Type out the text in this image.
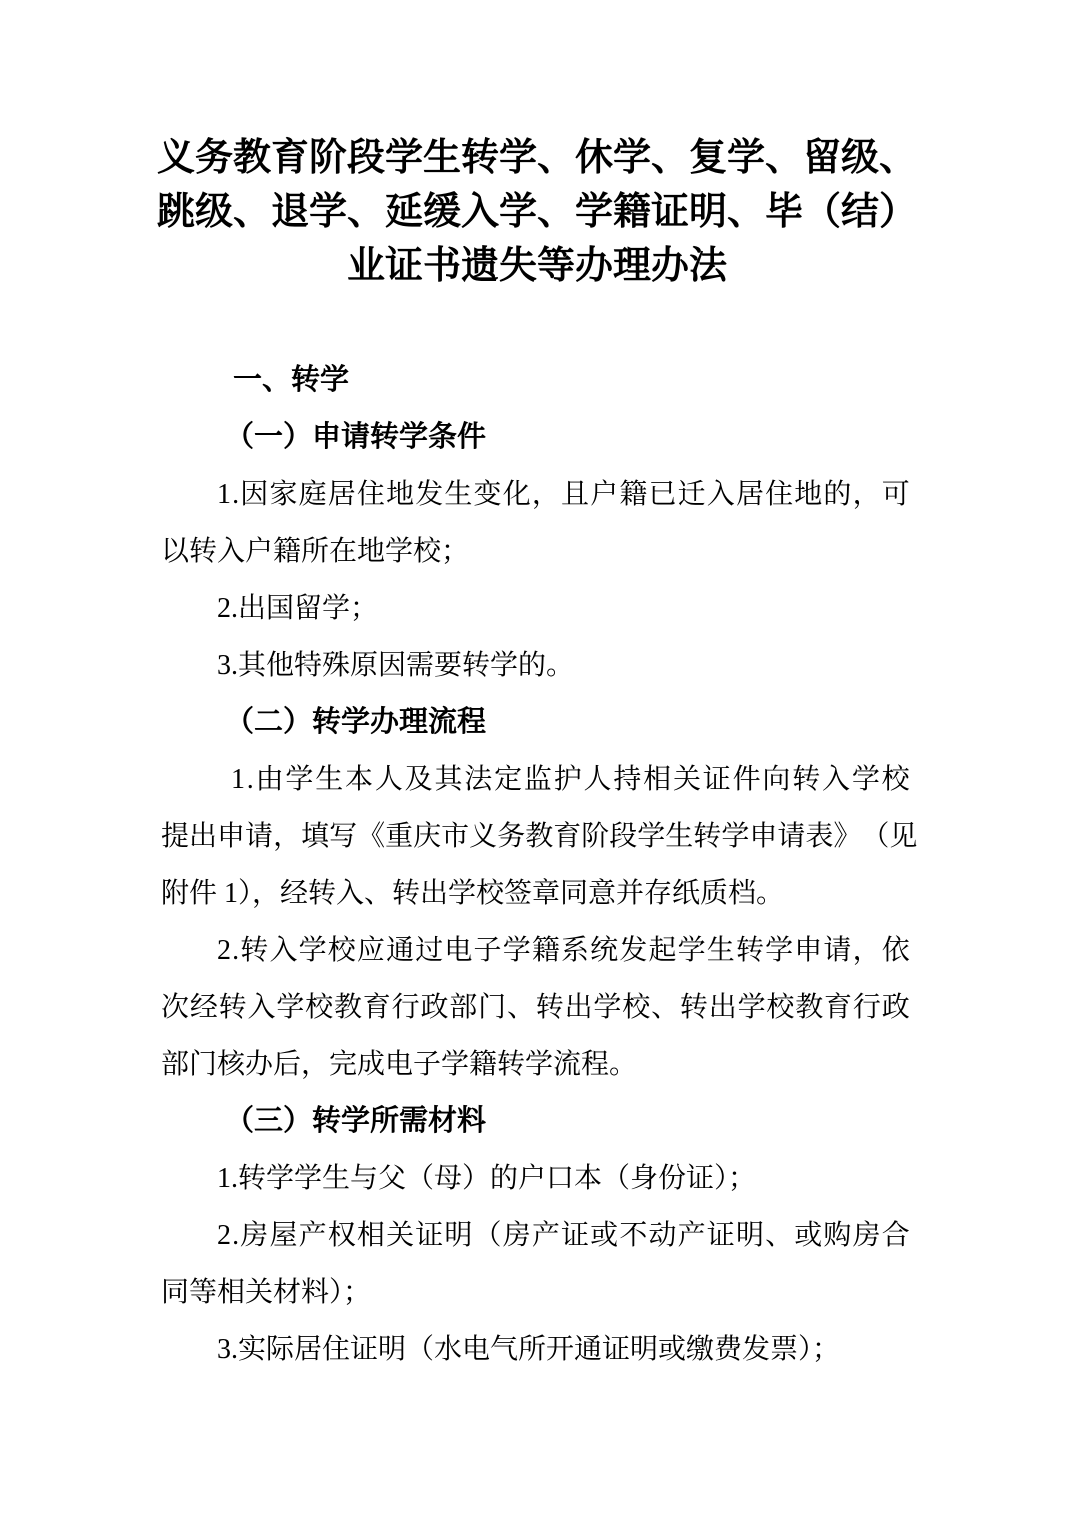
义务教育阶段学生转学、休学、复学、留级、
跳级、退学、延缓入学、学籍证明、毕（结）
业证书遗失等办理办法
一、转学
（一）申请转学条件
1 . 因 家 庭 居 住 地 发 生 变 化 ， 且 户 籍 已 迁 入 居 住 地 的 ， 可
以转入户籍所在地学校；
2.出国留学；
3.其他特殊原因需要转学的。
（二）转学办理流程
1 . 由 学 生 本 人 及 其 法 定 监 护 人 持 相 关 证 件 向 转 入 学 校
提 出 申 请 ， 填 写 《 重 庆 市 义 务 教 育 阶 段 学 生 转 学 申 请 表 》 （ 见
附件 1），经转入、转出学校签章同意并存纸质档。
2 . 转 入 学 校 应 通 过 电 子 学 籍 系 统 发 起 学 生 转 学 申 请 ， 依
次 经 转 入 学 校 教 育 行 政 部 门 、 转 出 学 校 、 转 出 学 校 教 育 行 政
部门核办后，完成电子学籍转学流程。
（三）转学所需材料
1.转学学生与父（母）的户口本（身份证）；
2 . 房 屋 产 权 相 关 证 明 （ 房 产 证 或 不 动 产 证 明 、 或 购 房 合
同等相关材料）；
3.实际居住证明（水电气所开通证明或缴费发票）；
